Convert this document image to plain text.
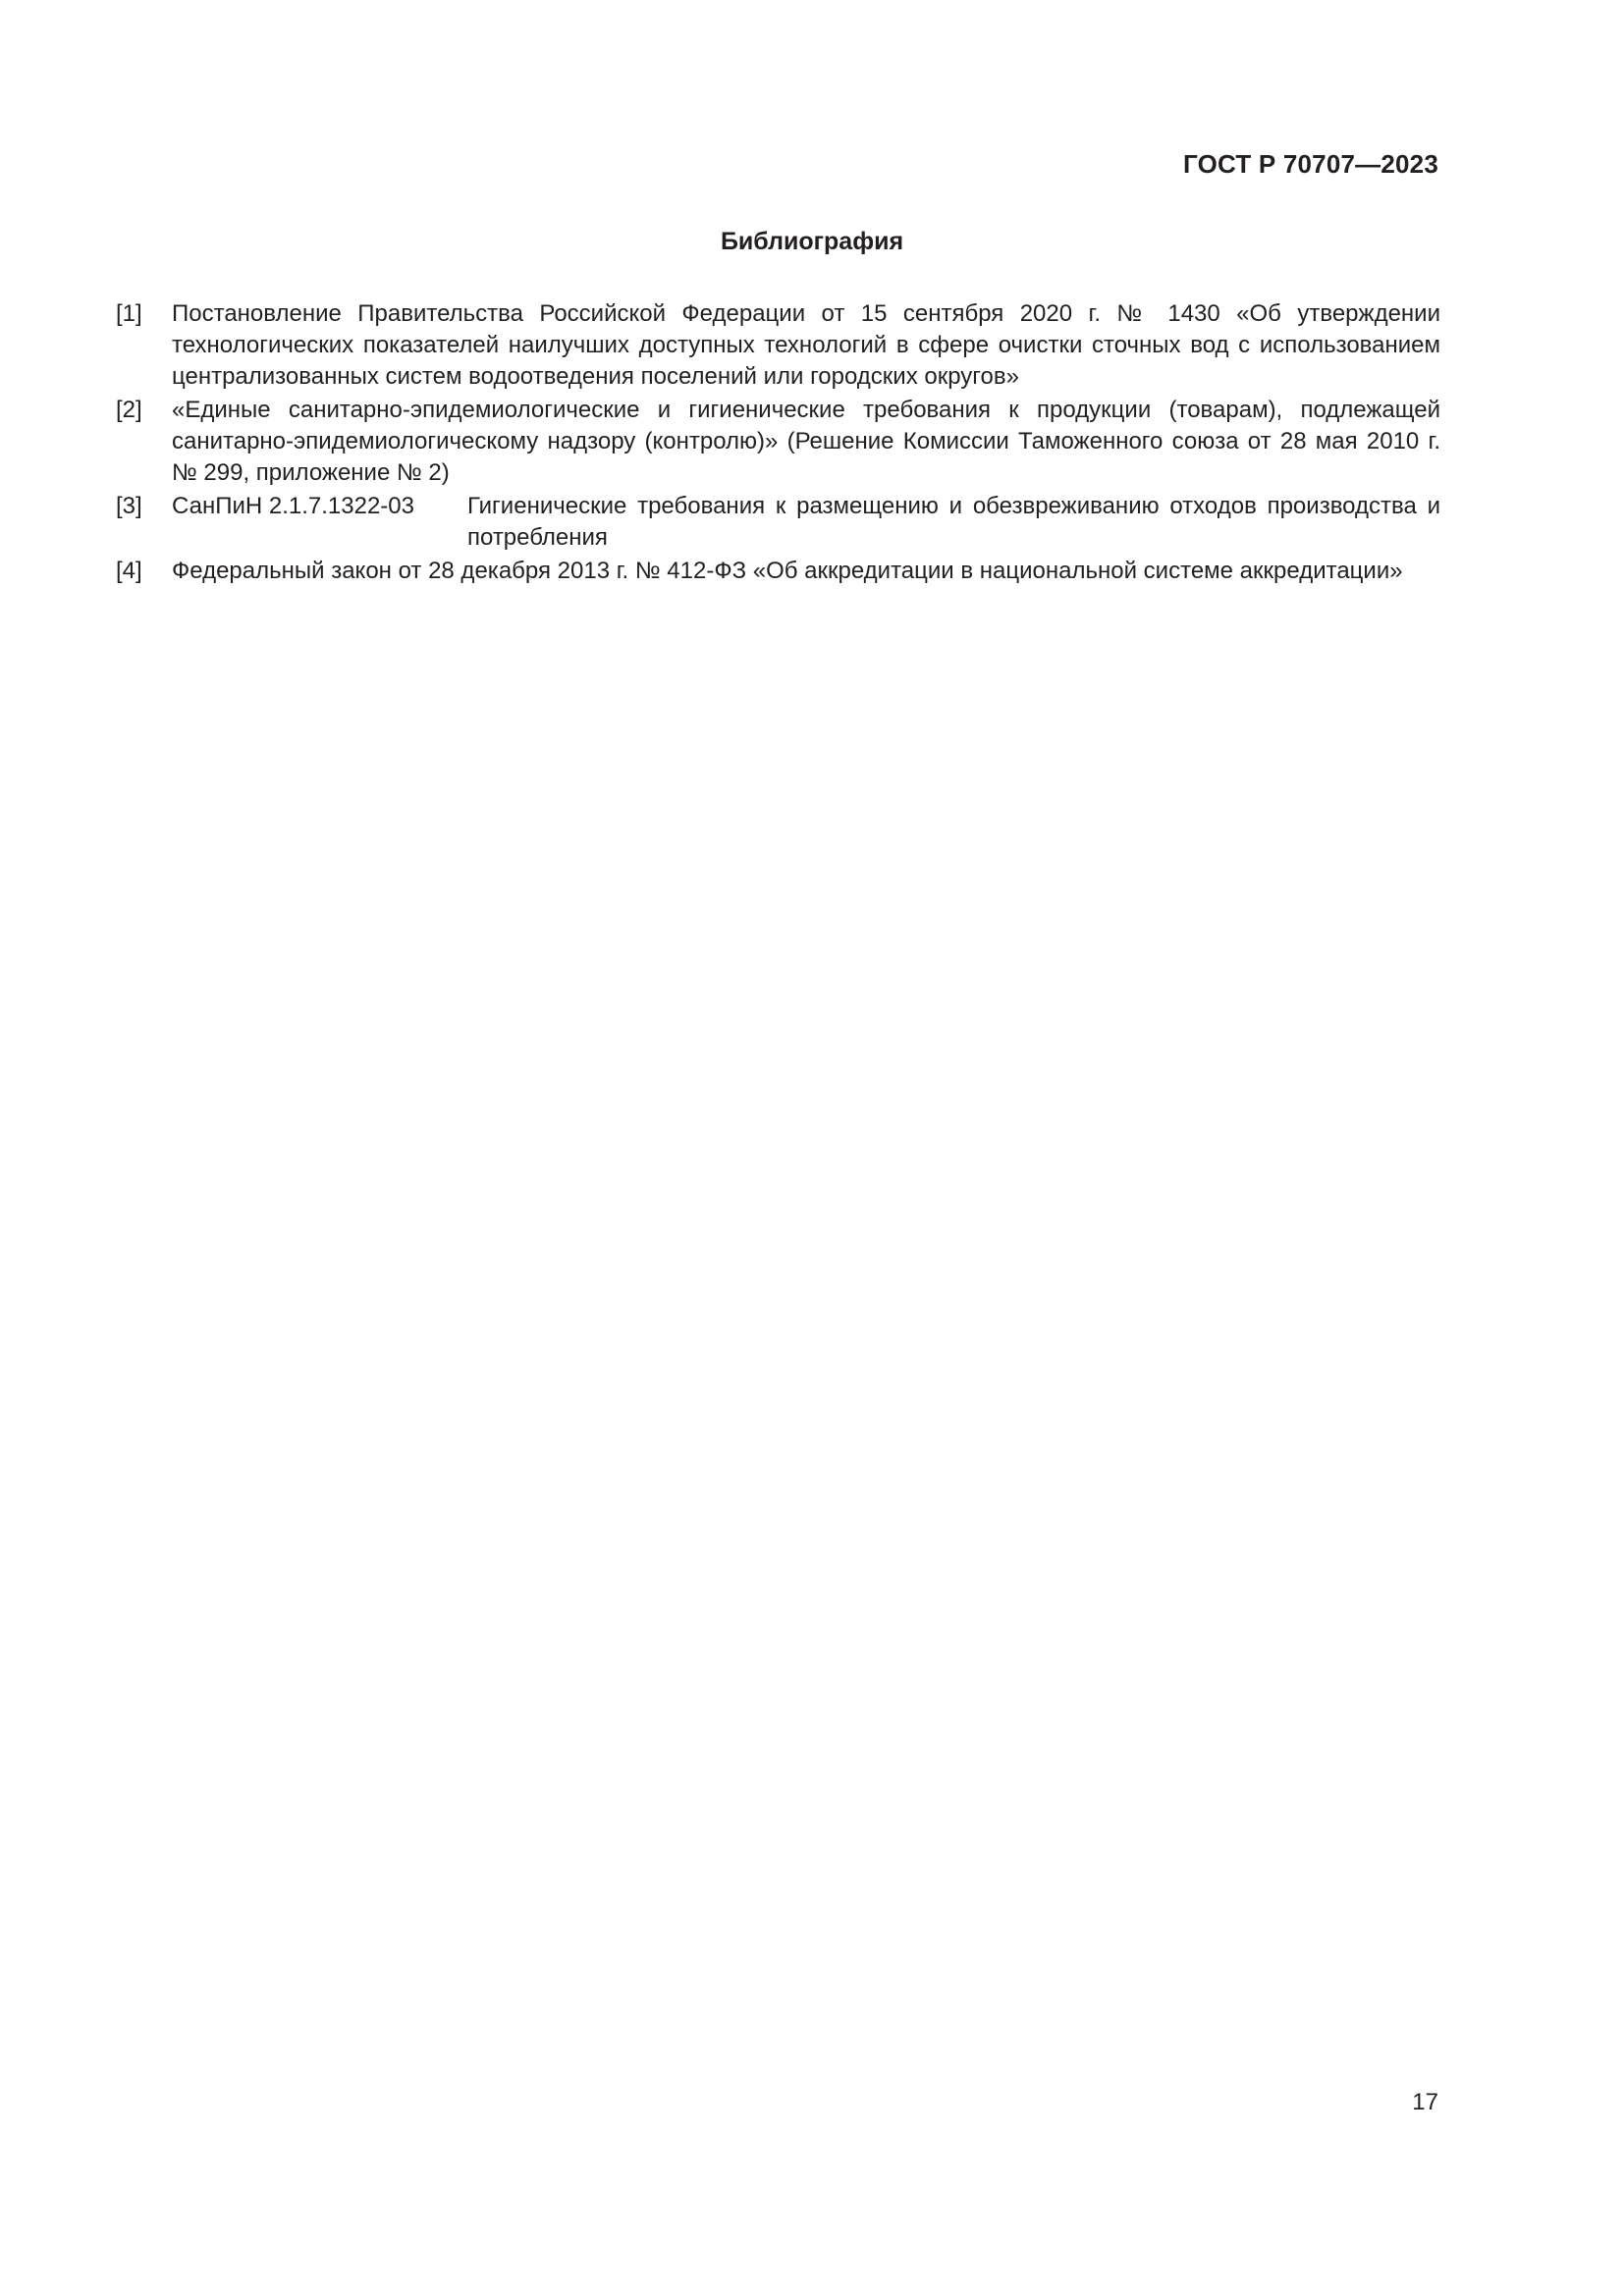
ГОСТ Р 70707—2023
Библиография
[1] Постановление Правительства Российской Федерации от 15 сентября 2020 г. № 1430 «Об утверждении технологических показателей наилучших доступных технологий в сфере очистки сточных вод с использованием централизованных систем водоотведения поселений или городских округов»
[2] «Единые санитарно-эпидемиологические и гигиенические требования к продукции (товарам), подлежащей санитарно-эпидемиологическому надзору (контролю)» (Решение Комиссии Таможенного союза от 28 мая 2010 г. № 299, приложение № 2)
[3] СанПиН 2.1.7.1322-03 Гигиенические требования к размещению и обезвреживанию отходов производства и потребления
[4] Федеральный закон от 28 декабря 2013 г. № 412-ФЗ «Об аккредитации в национальной системе аккредитации»
17
